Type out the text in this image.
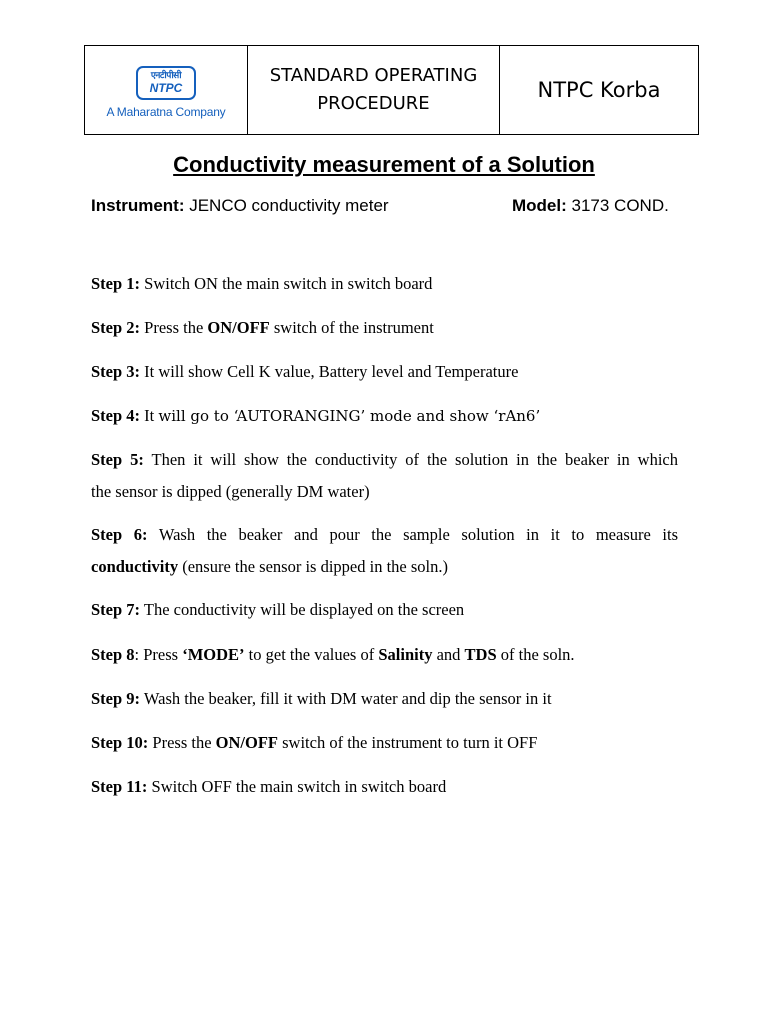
एनटीपीसी
NTPC
A Maharatna Company

STANDARD OPERATING
PROCEDURE
	NTPC Korba
Conductivity measurement of a Solution
Instrument: JENCO conductivity meter	Model: 3173 COND.
Step 1: Switch ON the main switch in switch board
Step 2: Press the ON/OFF switch of the instrument
Step 3: It will show Cell K value, Battery level and Temperature
Step 4: It will go to ‘AUTORANGING’ mode and show ‘rAn6’
Step 5: Then it will show the conductivity of the solution in the beaker in which
the sensor is dipped (generally DM water)
Step 6: Wash the beaker and pour the sample solution in it to measure its
conductivity (ensure the sensor is dipped in the soln.)
Step 7: The conductivity will be displayed on the screen
Step 8: Press ‘MODE’ to get the values of Salinity and TDS of the soln.
Step 9: Wash the beaker, fill it with DM water and dip the sensor in it
Step 10: Press the ON/OFF switch of the instrument to turn it OFF
Step 11: Switch OFF the main switch in switch board
